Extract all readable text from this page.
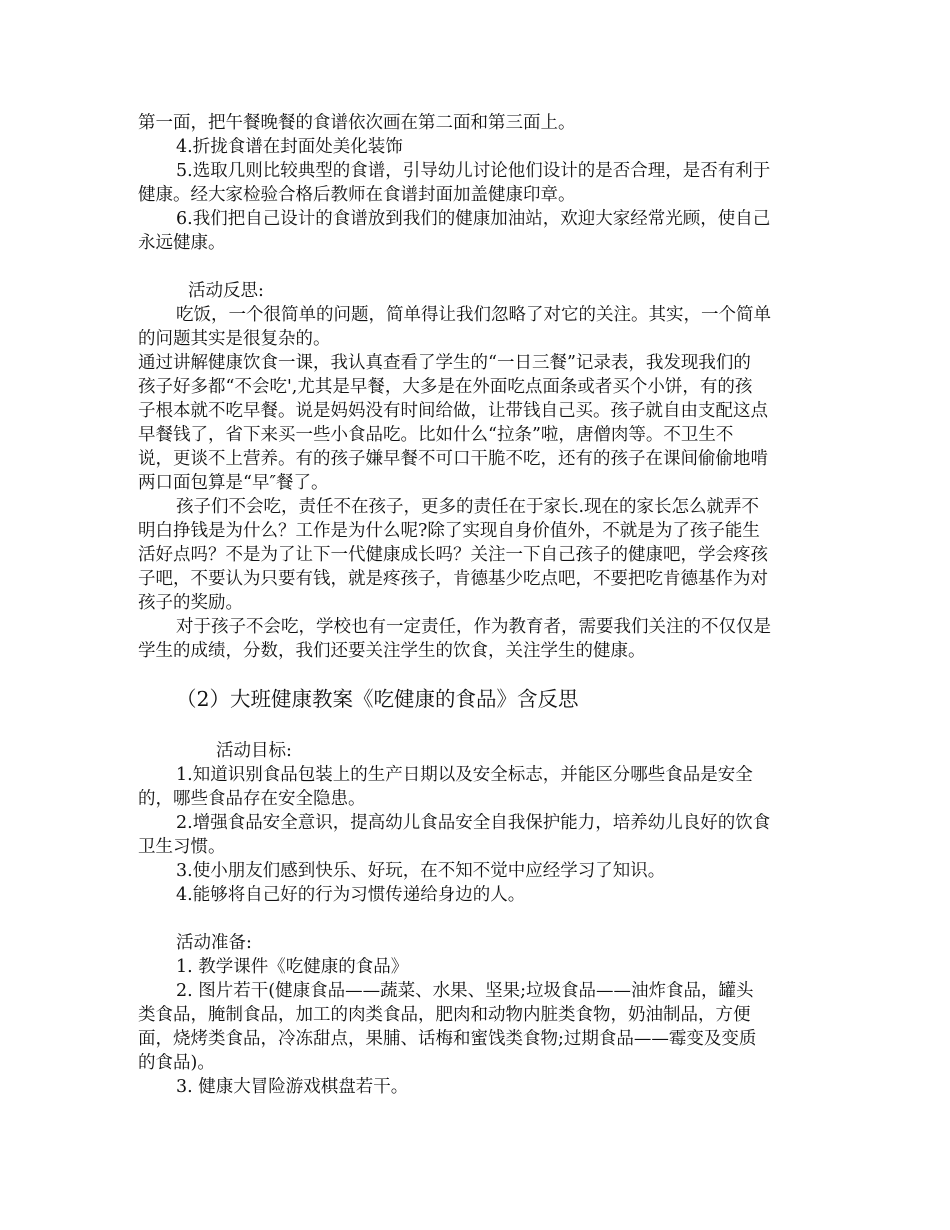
第一面，把午餐晚餐的食谱依次画在第二面和第三面上。
4.折拢食谱在封面处美化装饰
5.选取几则比较典型的食谱，引导幼儿讨论他们设计的是否合理，是否有利于
健康。经大家检验合格后教师在食谱封面加盖健康印章。
6.我们把自己设计的食谱放到我们的健康加油站，欢迎大家经常光顾，使自己
永远健康。
活动反思:
吃饭，一个很简单的问题，简单得让我们忽略了对它的关注。其实，一个简单
的问题其实是很复杂的。
通过讲解健康饮食一课，我认真查看了学生的“一日三餐”记录表，我发现我们的
孩子好多都“不会吃',尤其是早餐，大多是在外面吃点面条或者买个小饼，有的孩
子根本就不吃早餐。说是妈妈没有时间给做，让带钱自己买。孩子就自由支配这点
早餐钱了，省下来买一些小食品吃。比如什么“拉条”啦，唐僧肉等。不卫生不
说，更谈不上营养。有的孩子嫌早餐不可口干脆不吃，还有的孩子在课间偷偷地啃
两口面包算是“早″餐了。
孩子们不会吃，责任不在孩子，更多的责任在于家长.现在的家长怎么就弄不
明白挣钱是为什么？工作是为什么呢?除了实现自身价值外，不就是为了孩子能生
活好点吗？不是为了让下一代健康成长吗？关注一下自己孩子的健康吧，学会疼孩
子吧，不要认为只要有钱，就是疼孩子，肯德基少吃点吧，不要把吃肯德基作为对
孩子的奖励。
对于孩子不会吃，学校也有一定责任，作为教育者，需要我们关注的不仅仅是
学生的成绩，分数，我们还要关注学生的饮食，关注学生的健康。
（2）大班健康教案《吃健康的食品》含反思
活动目标:
1.知道识别食品包装上的生产日期以及安全标志，并能区分哪些食品是安全
的，哪些食品存在安全隐患。
2.增强食品安全意识，提高幼儿食品安全自我保护能力，培养幼儿良好的饮食
卫生习惯。
3.使小朋友们感到快乐、好玩，在不知不觉中应经学习了知识。
4.能够将自己好的行为习惯传递给身边的人。
活动准备:
1. 教学课件《吃健康的食品》
2. 图片若干(健康食品——蔬菜、水果、坚果;垃圾食品——油炸食品，罐头
类食品，腌制食品，加工的肉类食品，肥肉和动物内脏类食物，奶油制品，方便
面，烧烤类食品，冷冻甜点，果脯、话梅和蜜饯类食物;过期食品——霉变及变质
的食品)。
3. 健康大冒险游戏棋盘若干。
